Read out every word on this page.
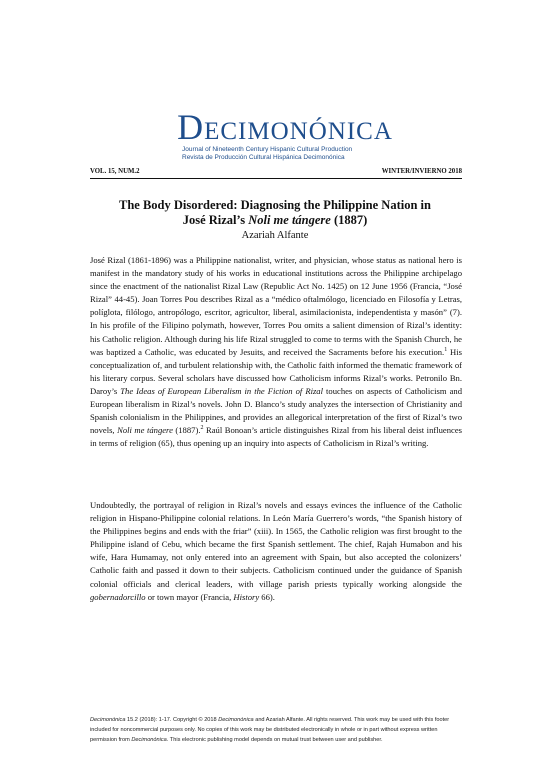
Decimonónica
Journal of Nineteenth Century Hispanic Cultural Production
Revista de Producción Cultural Hispánica Decimonónica
VOL. 15, NUM.2	WINTER/INVIERNO 2018
The Body Disordered: Diagnosing the Philippine Nation in
José Rizal’s Noli me tángere (1887)
Azariah Alfante

José Rizal (1861-1896) was a Philippine nationalist, writer, and physician, whose status as national hero is manifest in the mandatory study of his works in educational institutions across the Philippine archipelago since the enactment of the nationalist Rizal Law (Republic Act No. 1425) on 12 June 1956 (Francia, “José Rizal” 44-45). Joan Torres Pou describes Rizal as a “médico oftalmólogo, licenciado en Filosofía y Letras, políglota, filólogo, antropólogo, escritor, agricultor, liberal, asimilacionista, independentista y masón” (7). In his profile of the Filipino polymath, however, Torres Pou omits a salient dimension of Rizal’s identity: his Catholic religion. Although during his life Rizal struggled to come to terms with the Spanish Church, he was baptized a Catholic, was educated by Jesuits, and received the Sacraments before his execution.$^1$ His conceptualization of, and turbulent relationship with, the Catholic faith informed the thematic framework of his literary corpus. Several scholars have discussed how Catholicism informs Rizal’s works. Petronilo Bn. Daroy’s The Ideas of European Liberalism in the Fiction of Rizal touches on aspects of Catholicism and European liberalism in Rizal’s novels. John D. Blanco’s study analyzes the intersection of Christianity and Spanish colonialism in the Philippines, and provides an allegorical interpretation of the first of Rizal’s two novels, Noli me tángere (1887).$^2$ Raúl Bonoan’s article distinguishes Rizal from his liberal deist influences in terms of religion (65), thus opening up an inquiry into aspects of Catholicism in Rizal’s writing.

Undoubtedly, the portrayal of religion in Rizal’s novels and essays evinces the influence of the Catholic religion in Hispano-Philippine colonial relations. In León María Guerrero’s words, “the Spanish history of the Philippines begins and ends with the friar” (xiii). In 1565, the Catholic religion was first brought to the Philippine island of Cebu, which became the first Spanish settlement. The chief, Rajah Humabon and his wife, Hara Humamay, not only entered into an agreement with Spain, but also accepted the colonizers’ Catholic faith and passed it down to their subjects. Catholicism continued under the guidance of Spanish colonial officials and clerical leaders, with village parish priests typically working alongside the gobernadorcillo or town mayor (Francia, History 66).

Decimonónica 15.2 (2018): 1-17. Copyright © 2018 Decimonónica and Azariah Alfante. All rights reserved. This work may be used with this footer included for noncommercial purposes only. No copies of this work may be distributed electronically in whole or in part without express written permission from Decimonónica. This electronic publishing model depends on mutual trust between user and publisher.
